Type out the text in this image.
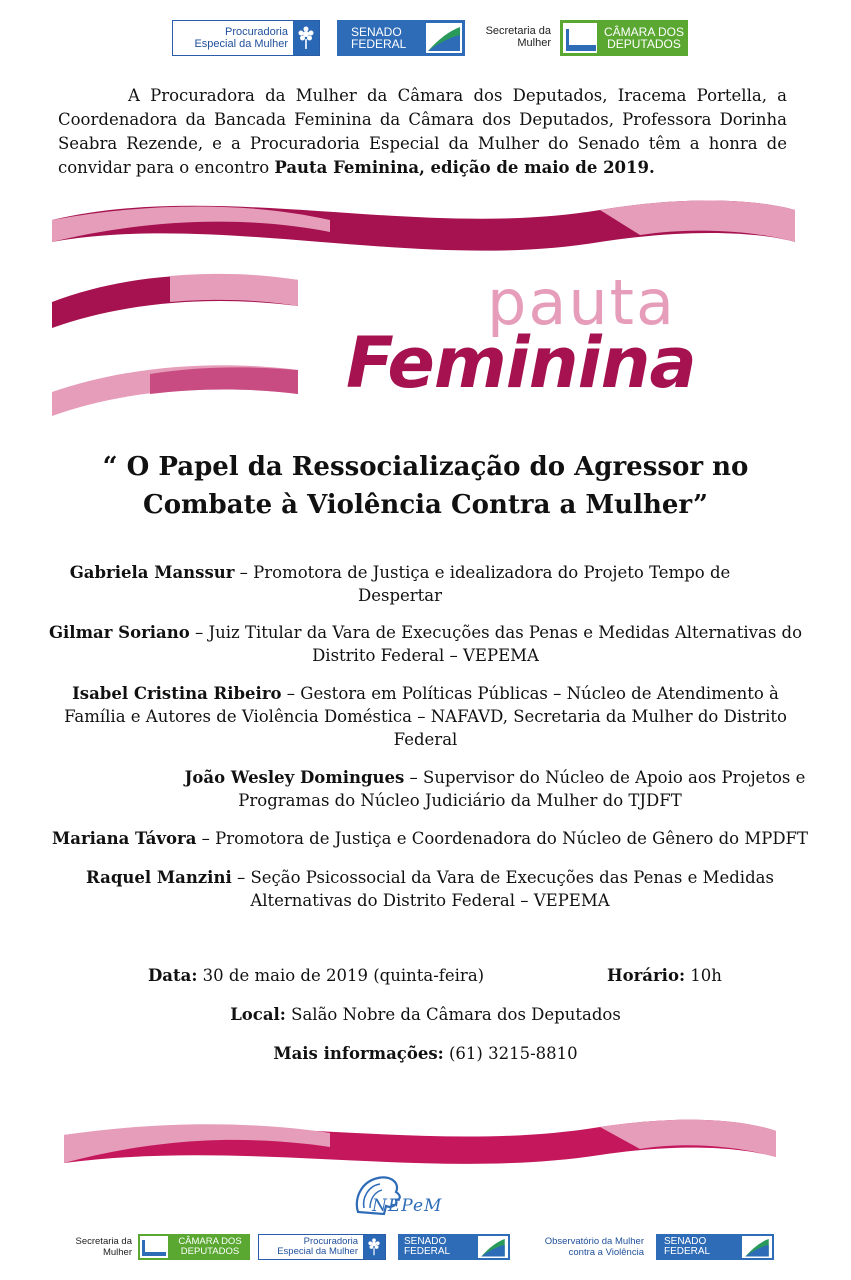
Procuradoria
Especial da Mulher
SENADO
FEDERAL
Secretaria da
Mulher
CÂMARA DOS
DEPUTADOS
A Procuradora da Mulher da Câmara dos Deputados, Iracema Portella, a Coordenadora da Bancada Feminina da Câmara dos Deputados, Professora Dorinha Seabra Rezende, e a Procuradoria Especial da Mulher do Senado têm a honra de convidar para o encontro Pauta Feminina, edição de maio de 2019.
pauta
Feminina
“ O Papel da Ressocialização do Agressor no
Combate à Violência Contra a Mulher”
Gabriela Manssur – Promotora de Justiça e idealizadora do Projeto Tempo de
Despertar
Gilmar Soriano – Juiz Titular da Vara de Execuções das Penas e Medidas Alternativas do
Distrito Federal – VEPEMA
Isabel Cristina Ribeiro – Gestora em Políticas Públicas – Núcleo de Atendimento à
Família e Autores de Violência Doméstica – NAFAVD, Secretaria da Mulher do Distrito
Federal
João Wesley Domingues – Supervisor do Núcleo de Apoio aos Projetos e
Programas do Núcleo Judiciário da Mulher do TJDFT
Mariana Távora – Promotora de Justiça e Coordenadora do Núcleo de Gênero do MPDFT
Raquel Manzini – Seção Psicossocial da Vara de Execuções das Penas e Medidas
Alternativas do Distrito Federal – VEPEMA
Data: 30 de maio de 2019 (quinta-feira)	Horário: 10h
Local: Salão Nobre da Câmara dos Deputados
Mais informações: (61) 3215-8810
NEPeM
Secretaria da
Mulher
CÂMARA DOS
DEPUTADOS
Procuradoria
Especial da Mulher
SENADO
FEDERAL
Observatório da Mulher
contra a Violência
SENADO
FEDERAL
